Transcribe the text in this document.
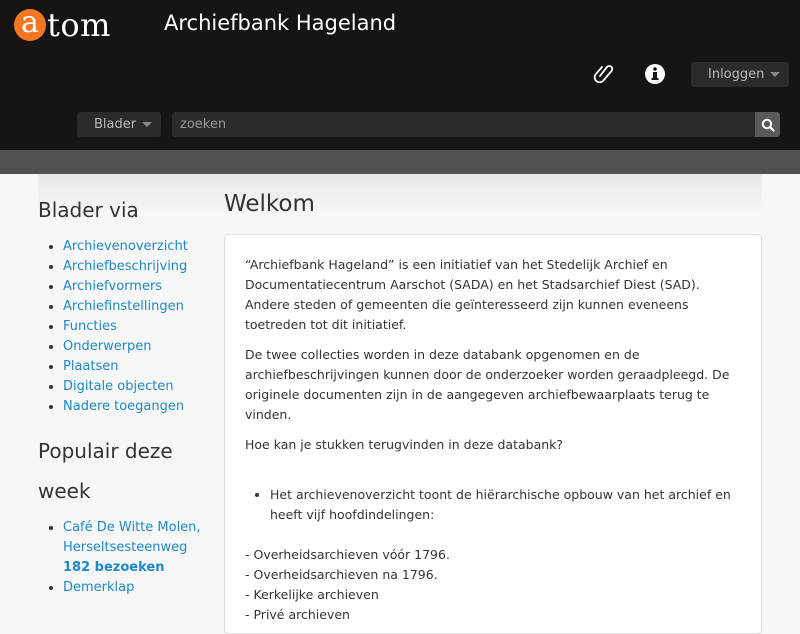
a tom	Archiefbank Hageland
Inloggen
Blader
zoeken
Blader via
• Archievenoverzicht
• Archiefbeschrijving
• Archiefvormers
• Archiefinstellingen
• Functies
• Onderwerpen
• Plaatsen
• Digitale objecten
• Nadere toegangen
Populair deze
week
• Café De Witte Molen, Herseltsesteenweg 182 bezoeken
• Demerklap
Welkom

“Archiefbank Hageland” is een initiatief van het Stedelijk Archief en Documentatiecentrum Aarschot (SADA) en het Stadsarchief Diest (SAD). Andere steden of gemeenten die geïnteresseerd zijn kunnen eveneens toetreden tot dit initiatief.

De twee collecties worden in deze databank opgenomen en de archiefbeschrijvingen kunnen door de onderzoeker worden geraadpleegd. De originele documenten zijn in de aangegeven archiefbewaarplaats terug te vinden.

Hoe kan je stukken terugvinden in deze databank?

• Het archievenoverzicht toont de hiërarchische opbouw van het archief en heeft vijf hoofdindelingen:
- Overheidsarchieven vóór 1796.
- Overheidsarchieven na 1796.
- Kerkelijke archieven
- Privé archieven
